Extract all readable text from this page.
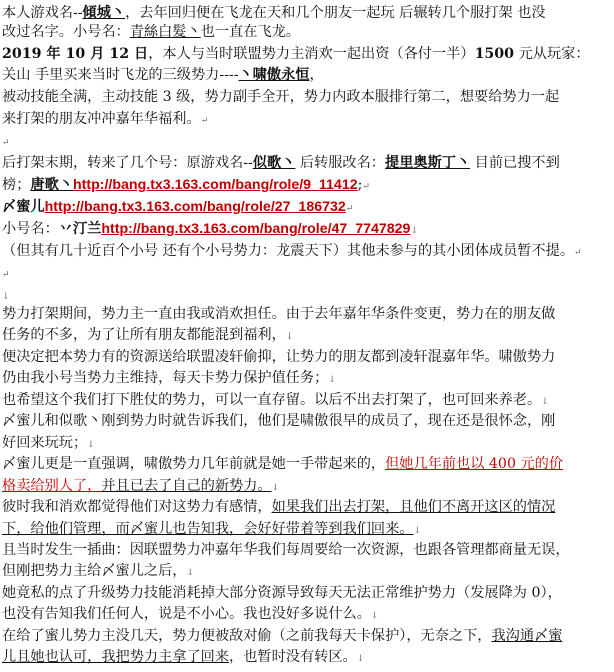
本人游戏名--傾城丶，去年回归便在飞龙在天和几个朋友一起玩 后辗转几个服打架 也没
改过名字。小号名：青絲白髮丶也一直在飞龙。
2019 年 10 月 12 日，本人与当时联盟势力主消欢一起出资（各付一半）1500 元从玩家：
关山 手里买来当时飞龙的三级势力----丶啸傲永恒，
被动技能全满，主动技能 3 级，势力副手全开，势力内政本服排行第二，想要给势力一起
来打架的朋友冲冲嘉年华福利。↵
↵
后打架末期，转来了几个号：原游戏名--似歌丶 后转服改名：提里奥斯丁丶 目前已搜不到
榜；唐歌丶http://bang.tx3.163.com/bang/role/9_11412;↵
〆蜜儿http://bang.tx3.163.com/bang/role/27_186732↵
小号名：丷汀兰http://bang.tx3.163.com/bang/role/47_7747829↓
（但其有几十近百个小号 还有个小号势力：龙震天下）其他未参与的其小团体成员暂不提。↵
↵
↓
势力打架期间，势力主一直由我或消欢担任。由于去年嘉年华条件变更，势力在的朋友做
任务的不多，为了让所有朋友都能混到福利，↓
便决定把本势力有的资源送给联盟凌轩偷抑，让势力的朋友都到凌轩混嘉年华。啸傲势力
仍由我小号当势力主维持，每天卡势力保护值任务；↓
也希望这个我们打下胜仗的势力，可以一直存留。以后不出去打架了，也可回来养老。↓
〆蜜儿和似歌丶刚到势力时就告诉我们，他们是啸傲很早的成员了，现在还是很怀念，刚
好回来玩玩；↓
〆蜜儿更是一直强调，啸傲势力几年前就是她一手带起来的，但她几年前也以 400 元的价
格卖给别人了，并且已去了自己的新势力。↓
彼时我和消欢都觉得他们对这势力有感情，如果我们出去打架，且他们不离开这区的情况
下，给他们管理，而〆蜜儿也告知我，会好好带着等到我们回来。↓
且当时发生一插曲：因联盟势力冲嘉年华我们每周要给一次资源，也跟各管理都商量无误，
但刚把势力主给〆蜜儿之后，↓
她竟私的点了升级势力技能消耗掉大部分资源导致每天无法正常维护势力（发展降为 0），
也没有告知我们任何人，说是不小心。我也没好多说什么。↓
在给了蜜儿势力主没几天，势力便被敌对偷（之前我每天卡保护），无奈之下，我沟通〆蜜
儿且她也认可，我把势力主拿了回来，也暂时没有转区。↓
